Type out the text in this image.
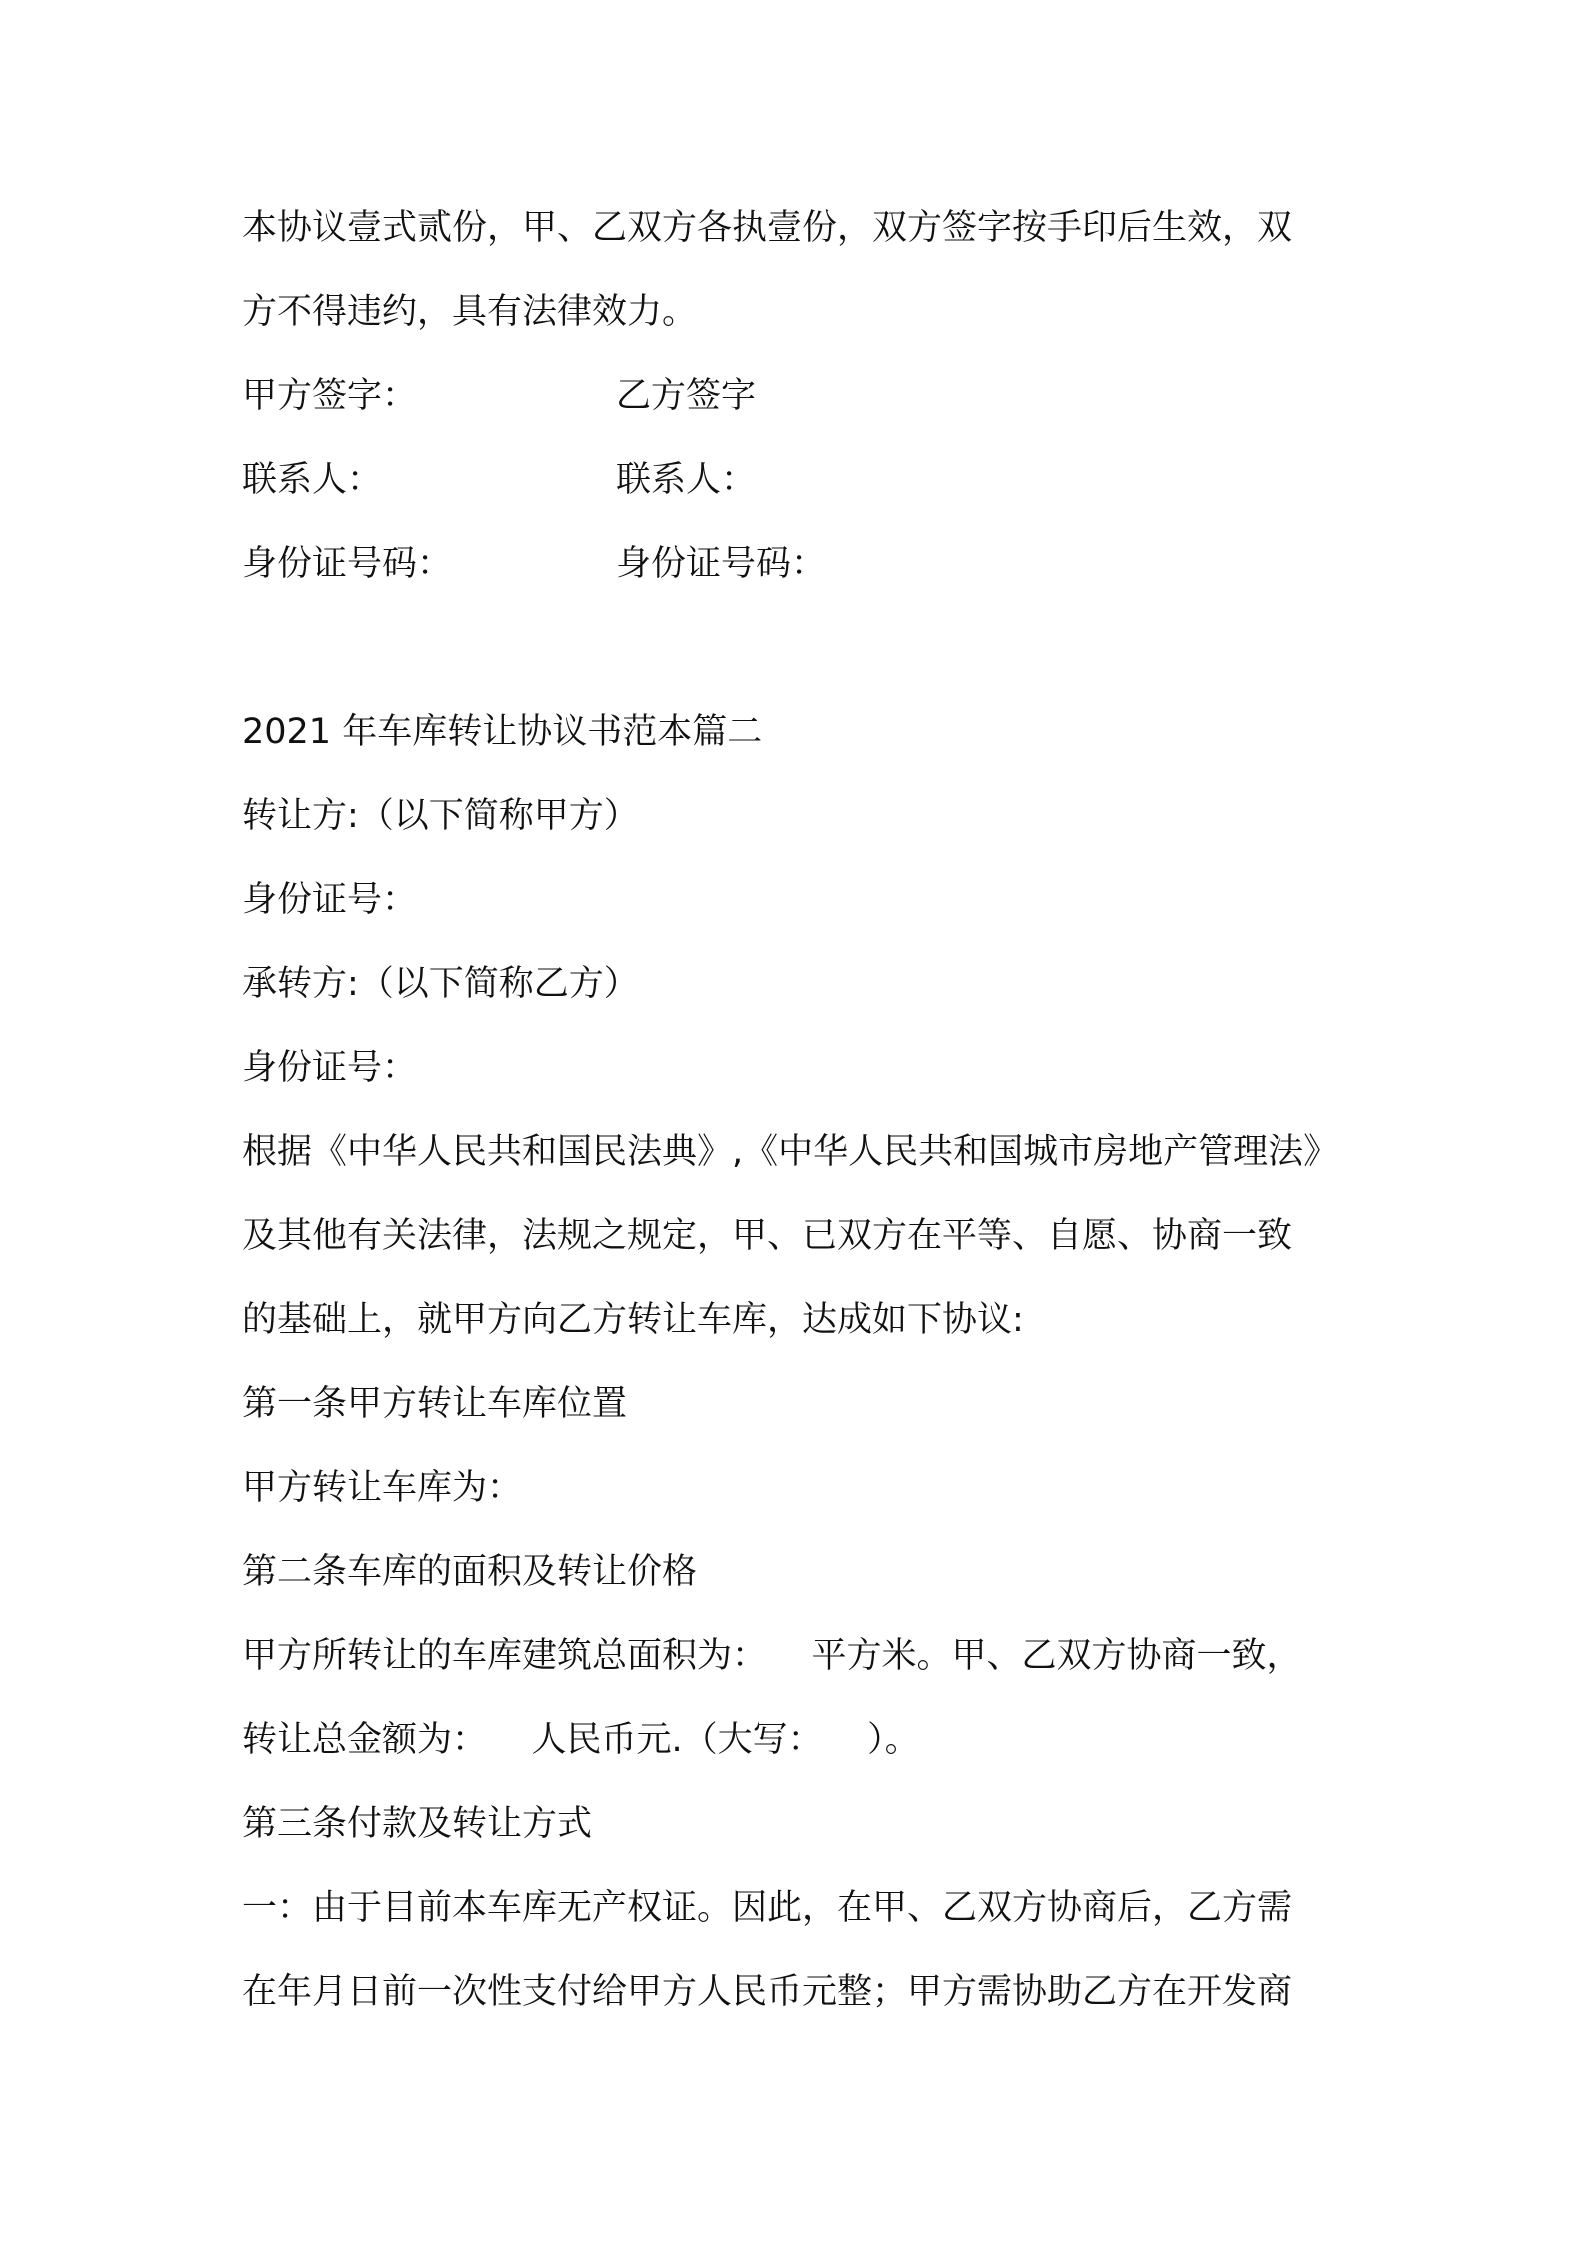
本协议壹式贰份，甲、乙双方各执壹份，双方签字按手印后生效，双
方不得违约，具有法律效力。
甲方签字：	乙方签字
联系人：	联系人：
身份证号码：	身份证号码：
2021 年车库转让协议书范本篇二
转让方:（以下简称甲方）
身份证号：
承转方:（以下简称乙方）
身份证号：
根据《中华人民共和国民法典》,《中华人民共和国城市房地产管理法》
及其他有关法律，法规之规定，甲、已双方在平等、自愿、协商一致
的基础上，就甲方向乙方转让车库，达成如下协议:
第一条甲方转让车库位置
甲方转让车库为：
第二条车库的面积及转让价格
甲方所转让的车库建筑总面积为：    平方米。甲、乙双方协商一致，
转让总金额为：    人民币元.（大写：    ）。
第三条付款及转让方式
一：由于目前本车库无产权证。因此，在甲、乙双方协商后，乙方需
在年月日前一次性支付给甲方人民币元整；甲方需协助乙方在开发商
